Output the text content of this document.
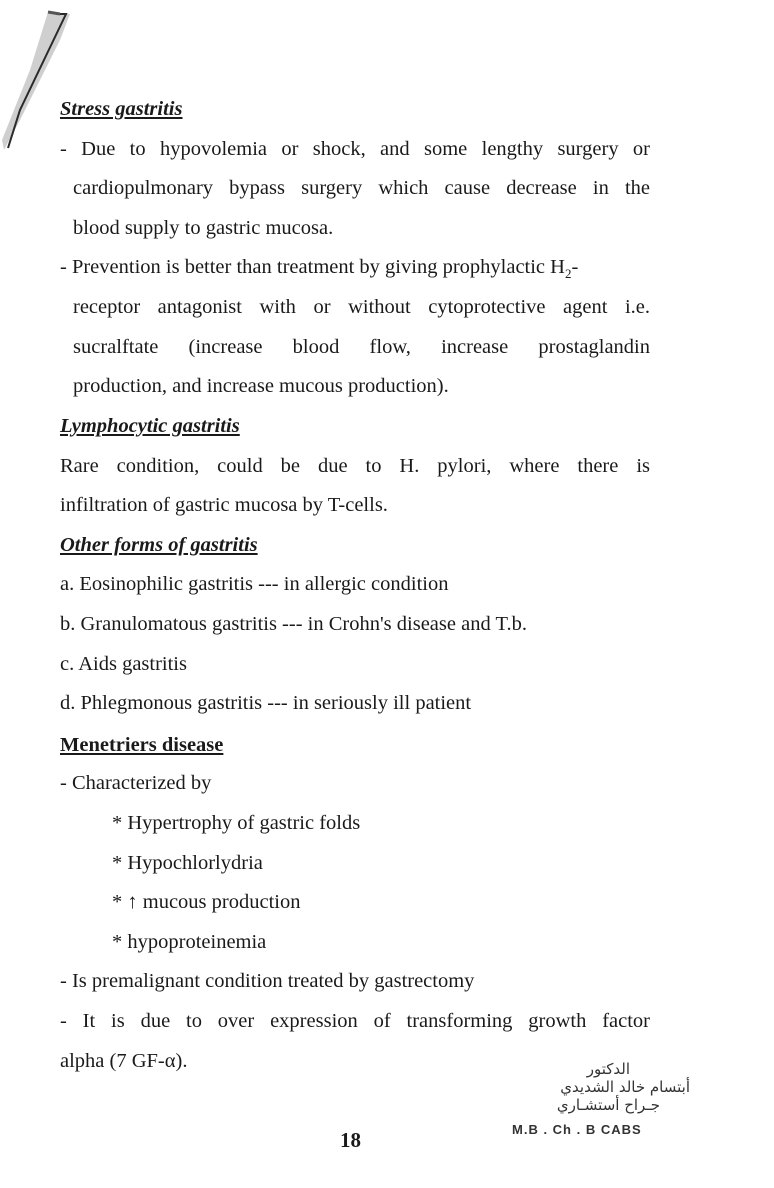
Stress gastritis
- Due to hypovolemia or shock, and some lengthy surgery or
cardiopulmonary bypass surgery which cause decrease in the
blood supply to gastric mucosa.
- Prevention is better than treatment by giving prophylactic $H_2-$
receptor antagonist with or without cytoprotective agent i.e.
sucralftate (increase blood flow, increase prostaglandin
production, and increase mucous production).
Lymphocytic gastritis
Rare condition, could be due to H. pylori, where there is
infiltration of gastric mucosa by T-cells.
Other forms of gastritis
a. Eosinophilic gastritis --- in allergic condition
b. Granulomatous gastritis --- in Crohn's disease and T.b.
c. Aids gastritis
d. Phlegmonous gastritis --- in seriously ill patient
Menetriers disease
- Characterized by
* Hypertrophy of gastric folds
* Hypochlorlydria
* ↑ mucous production
* hypoproteinemia
- Is premalignant condition treated by gastrectomy
- It is due to over expression of transforming growth factor
alpha (7 GF-α).	الدكتور
أبتسام خالد الشديدي
جـراح أستشـاري
M.B . Ch . B CABS
18
